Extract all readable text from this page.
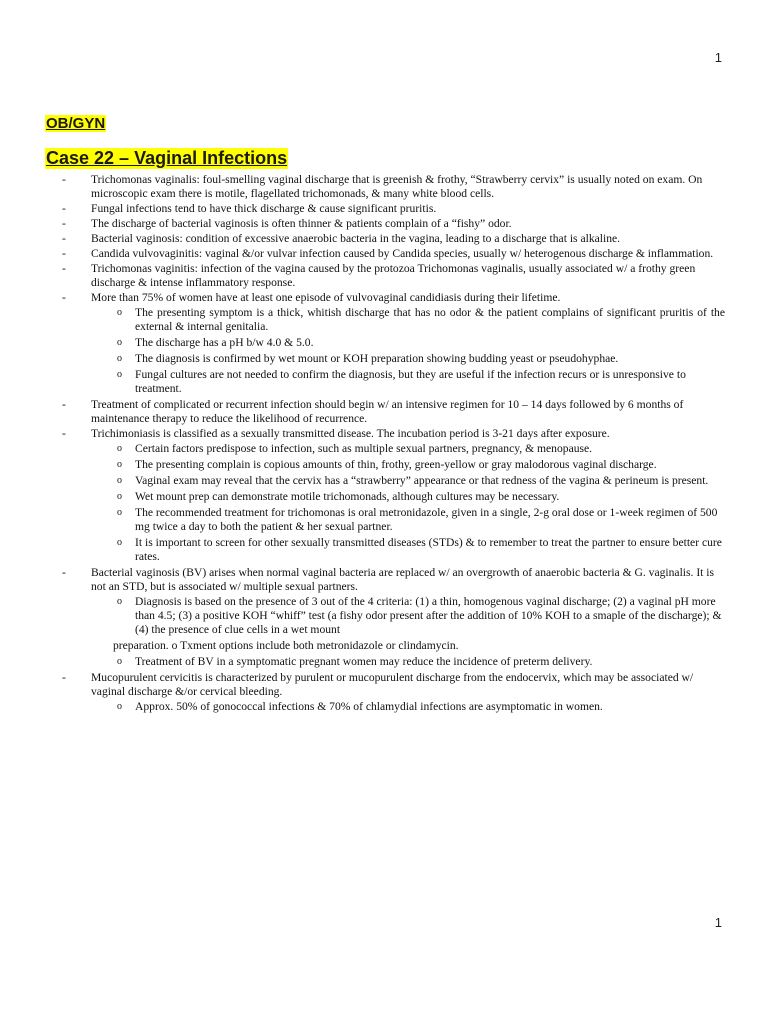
1
OB/GYN
Case 22 – Vaginal Infections
- Trichomonas vaginalis: foul-smelling vaginal discharge that is greenish & frothy, “Strawberry cervix” is usually noted on exam. On microscopic exam there is motile, flagellated trichomonads, & many white blood cells.
- Fungal infections tend to have thick discharge & cause significant pruritis.
- The discharge of bacterial vaginosis is often thinner & patients complain of a “fishy” odor.
- Bacterial vaginosis: condition of excessive anaerobic bacteria in the vagina, leading to a discharge that is alkaline.
- Candida vulvovaginitis: vaginal &/or vulvar infection caused by Candida species, usually w/ heterogenous discharge & inflammation.
- Trichomonas vaginitis: infection of the vagina caused by the protozoa Trichomonas vaginalis, usually associated w/ a frothy green discharge & intense inflammatory response.
- More than 75% of women have at least one episode of vulvovaginal candidiasis during their lifetime.
o The presenting symptom is a thick, whitish discharge that has no odor & the patient complains of significant pruritis of the external & internal genitalia.
o The discharge has a pH b/w 4.0 & 5.0.
o The diagnosis is confirmed by wet mount or KOH preparation showing budding yeast or pseudohyphae.
o Fungal cultures are not needed to confirm the diagnosis, but they are useful if the infection recurs or is unresponsive to treatment.
- Treatment of complicated or recurrent infection should begin w/ an intensive regimen for 10 – 14 days followed by 6 months of maintenance therapy to reduce the likelihood of recurrence.
- Trichimoniasis is classified as a sexually transmitted disease. The incubation period is 3-21 days after exposure.
o Certain factors predispose to infection, such as multiple sexual partners, pregnancy, & menopause.
o The presenting complain is copious amounts of thin, frothy, green-yellow or gray malodorous vaginal discharge.
o Vaginal exam may reveal that the cervix has a “strawberry” appearance or that redness of the vagina & perineum is present.
o Wet mount prep can demonstrate motile trichomonads, although cultures may be necessary.
o The recommended treatment for trichomonas is oral metronidazole, given in a single, 2-g oral dose or 1-week regimen of 500 mg twice a day to both the patient & her sexual partner.
o It is important to screen for other sexually transmitted diseases (STDs) & to remember to treat the partner to ensure better cure rates.
- Bacterial vaginosis (BV) arises when normal vaginal bacteria are replaced w/ an overgrowth of anaerobic bacteria & G. vaginalis. It is not an STD, but is associated w/ multiple sexual partners.
o Diagnosis is based on the presence of 3 out of the 4 criteria: (1) a thin, homogenous vaginal discharge; (2) a vaginal pH more than 4.5; (3) a positive KOH “whiff” test (a fishy odor present after the addition of 10% KOH to a smaple of the discharge); & (4) the presence of clue cells in a wet mount
preparation. o Txment options include both metronidazole or clindamycin.
o Treatment of BV in a symptomatic pregnant women may reduce the incidence of preterm delivery.
- Mucopurulent cervicitis is characterized by purulent or mucopurulent discharge from the endocervix, which may be associated w/ vaginal discharge &/or cervical bleeding.
o Approx. 50% of gonococcal infections & 70% of chlamydial infections are asymptomatic in women.
1
